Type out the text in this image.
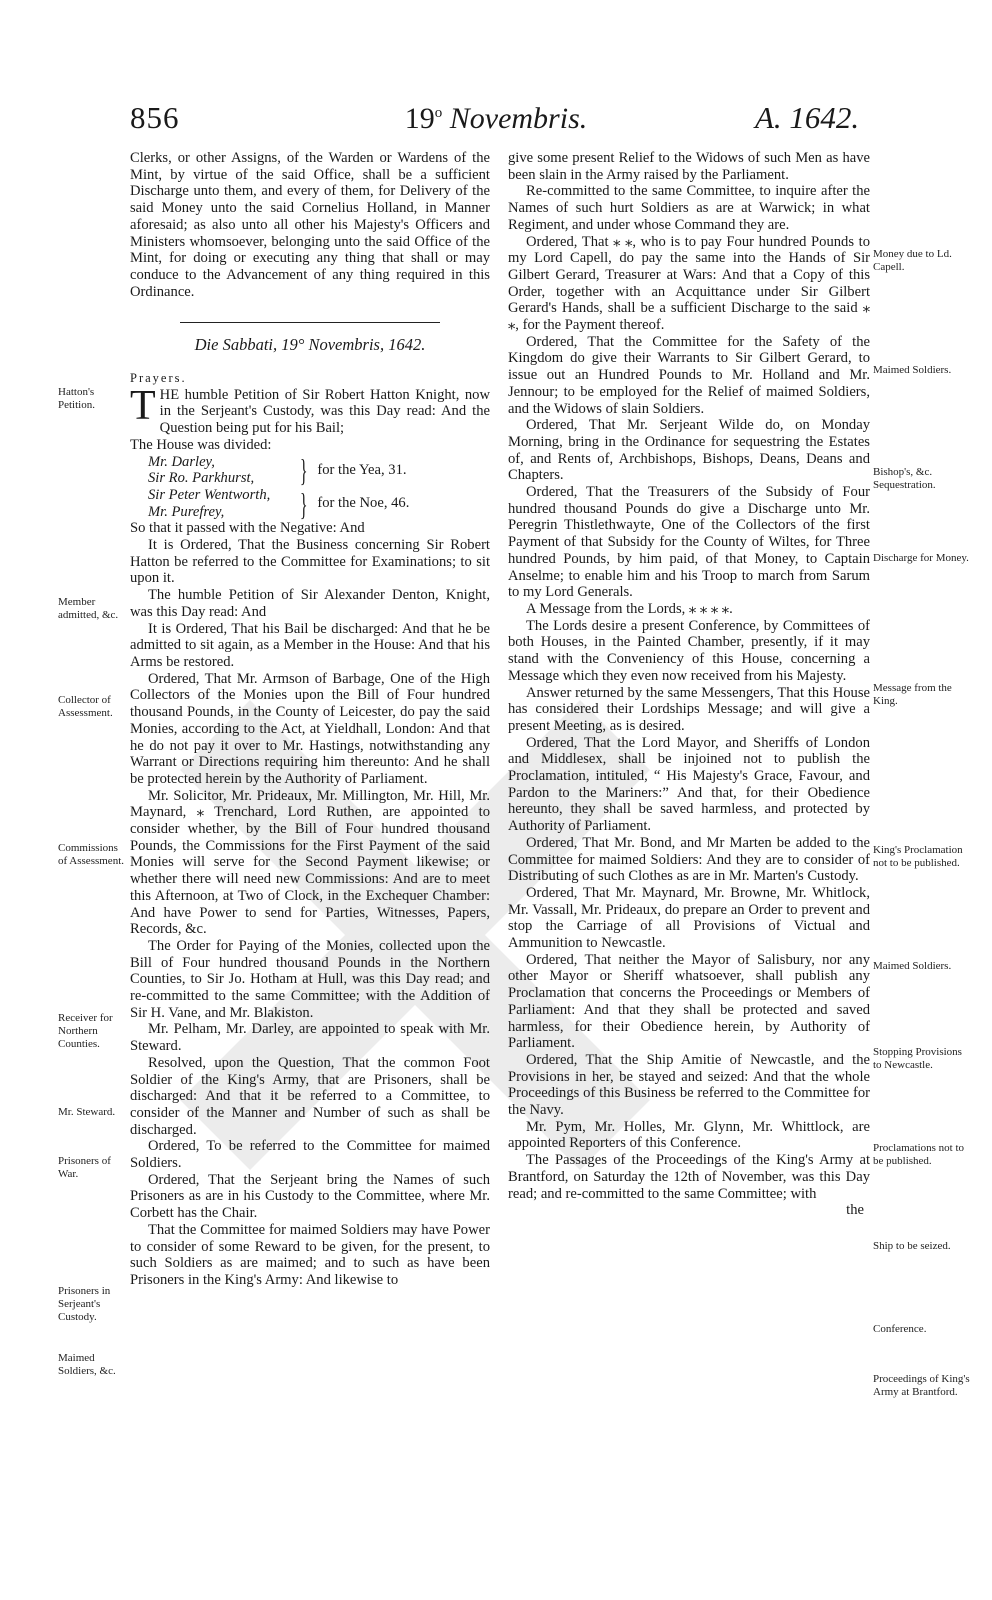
856	19$^o$ Novembris.	A. 1642.

Clerks, or other Assigns, of the Warden or Wardens of the Mint, by virtue of the said Office, shall be a sufficient Discharge unto them, and every of them, for Delivery of the said Money unto the said Cornelius Holland, in Manner aforesaid; as also unto all other his Majesty's Officers and Ministers whomsoever, belonging unto the said Office of the Mint, for doing or executing any thing that shall or may conduce to the Advancement of any thing required in this Ordinance.

Die Sabbati, 19° Novembris, 1642.

Prayers.

THE humble Petition of Sir Robert Hatton Knight, now in the Serjeant's Custody, was this Day read: And the Question being put for his Bail;

The House was divided:

Mr. Darley,
Sir Ro. Parkhurst,	} for the Yea, 31.
Sir Peter Wentworth,
Mr. Purefrey,	} for the Noe, 46.

So that it passed with the Negative: And

It is Ordered, That the Business concerning Sir Robert Hatton be referred to the Committee for Examinations; to sit upon it.

The humble Petition of Sir Alexander Denton, Knight, was this Day read: And

It is Ordered, That his Bail be discharged: And that he be admitted to sit again, as a Member in the House: And that his Arms be restored.

Ordered, That Mr. Armson of Barbage, One of the High Collectors of the Monies upon the Bill of Four hundred thousand Pounds, in the County of Leicester, do pay the said Monies, according to the Act, at Yieldhall, London: And that he do not pay it over to Mr. Hastings, notwithstanding any Warrant or Directions requiring him thereunto: And he shall be protected herein by the Authority of Parliament.

Mr. Solicitor, Mr. Prideaux, Mr. Millington, Mr. Hill, Mr. Maynard, ⁎ Trenchard, Lord Ruthen, are appointed to consider whether, by the Bill of Four hundred thousand Pounds, the Commissions for the First Payment of the said Monies will serve for the Second Payment likewise; or whether there will need new Commissions: And are to meet this Afternoon, at Two of Clock, in the Exchequer Chamber: And have Power to send for Parties, Witnesses, Papers, Records, &c.

The Order for Paying of the Monies, collected upon the Bill of Four hundred thousand Pounds in the Northern Counties, to Sir Jo. Hotham at Hull, was this Day read; and re-committed to the same Committee; with the Addition of Sir H. Vane, and Mr. Blakiston.

Mr. Pelham, Mr. Darley, are appointed to speak with Mr. Steward.

Resolved, upon the Question, That the common Foot Soldier of the King's Army, that are Prisoners, shall be discharged: And that it be referred to a Committee, to consider of the Manner and Number of such as shall be discharged.

Ordered, To be referred to the Committee for maimed Soldiers.

Ordered, That the Serjeant bring the Names of such Prisoners as are in his Custody to the Committee, where Mr. Corbett has the Chair.

That the Committee for maimed Soldiers may have Power to consider of some Reward to be given, for the present, to such Soldiers as are maimed; and to such as have been Prisoners in the King's Army: And likewise to

give some present Relief to the Widows of such Men as have been slain in the Army raised by the Parliament.

Re-committed to the same Committee, to inquire after the Names of such hurt Soldiers as are at Warwick; in what Regiment, and under whose Command they are.

Ordered, That ⁎ ⁎, who is to pay Four hundred Pounds to my Lord Capell, do pay the same into the Hands of Sir Gilbert Gerard, Treasurer at Wars: And that a Copy of this Order, together with an Acquittance under Sir Gilbert Gerard's Hands, shall be a sufficient Discharge to the said ⁎ ⁎, for the Payment thereof.

Ordered, That the Committee for the Safety of the Kingdom do give their Warrants to Sir Gilbert Gerard, to issue out an Hundred Pounds to Mr. Holland and Mr. Jennour; to be employed for the Relief of maimed Soldiers, and the Widows of slain Soldiers.

Ordered, That Mr. Serjeant Wilde do, on Monday Morning, bring in the Ordinance for sequestring the Estates of, and Rents of, Archbishops, Bishops, Deans, Deans and Chapters.

Ordered, That the Treasurers of the Subsidy of Four hundred thousand Pounds do give a Discharge unto Mr. Peregrin Thistlethwayte, One of the Collectors of the first Payment of that Subsidy for the County of Wiltes, for Three hundred Pounds, by him paid, of that Money, to Captain Anselme; to enable him and his Troop to march from Sarum to my Lord Generals.

A Message from the Lords, ⁎ ⁎ ⁎ ⁎.

The Lords desire a present Conference, by Committees of both Houses, in the Painted Chamber, presently, if it may stand with the Conveniency of this House, concerning a Message which they even now received from his Majesty.

Answer returned by the same Messengers, That this House has considered their Lordships Message; and will give a present Meeting, as is desired.

Ordered, That the Lord Mayor, and Sheriffs of London and Middlesex, shall be injoined not to publish the Proclamation, intituled, “ His Majesty's Grace, Favour, and Pardon to the Mariners:” And that, for their Obedience hereunto, they shall be saved harmless, and protected by Authority of Parliament.

Ordered, That Mr. Bond, and Mr Marten be added to the Committee for maimed Soldiers: And they are to consider of Distributing of such Clothes as are in Mr. Marten's Custody.

Ordered, That Mr. Maynard, Mr. Browne, Mr. Whitlock, Mr. Vassall, Mr. Prideaux, do prepare an Order to prevent and stop the Carriage of all Provisions of Victual and Ammunition to Newcastle.

Ordered, That neither the Mayor of Salisbury, nor any other Mayor or Sheriff whatsoever, shall publish any Proclamation that concerns the Proceedings or Members of Parliament: And that they shall be protected and saved harmless, for their Obedience herein, by Authority of Parliament.

Ordered, That the Ship Amitie of Newcastle, and the Provisions in her, be stayed and seized: And that the whole Proceedings of this Business be referred to the Committee for the Navy.

Mr. Pym, Mr. Holles, Mr. Glynn, Mr. Whittlock, are appointed Reporters of this Conference.

The Passages of the Proceedings of the King's Army at Brantford, on Saturday the 12th of November, was this Day read; and re-committed to the same Committee; with

the

Hatton's Petition.
Member admitted, &c.
Collector of Assessment.
Commissions of Assessment.
Receiver for Northern Counties.
Mr. Steward.
Prisoners of War.
Prisoners in Serjeant's Custody.
Maimed Soldiers, &c.
Money due to Ld. Capell.
Maimed Soldiers.
Bishop's, &c. Sequestration.
Discharge for Money.
Message from the King.
King's Proclamation not to be published.
Maimed Soldiers.
Stopping Provisions to Newcastle.
Proclamations not to be published.
Ship to be seized.
Conference.
Proceedings of King's Army at Brantford.
